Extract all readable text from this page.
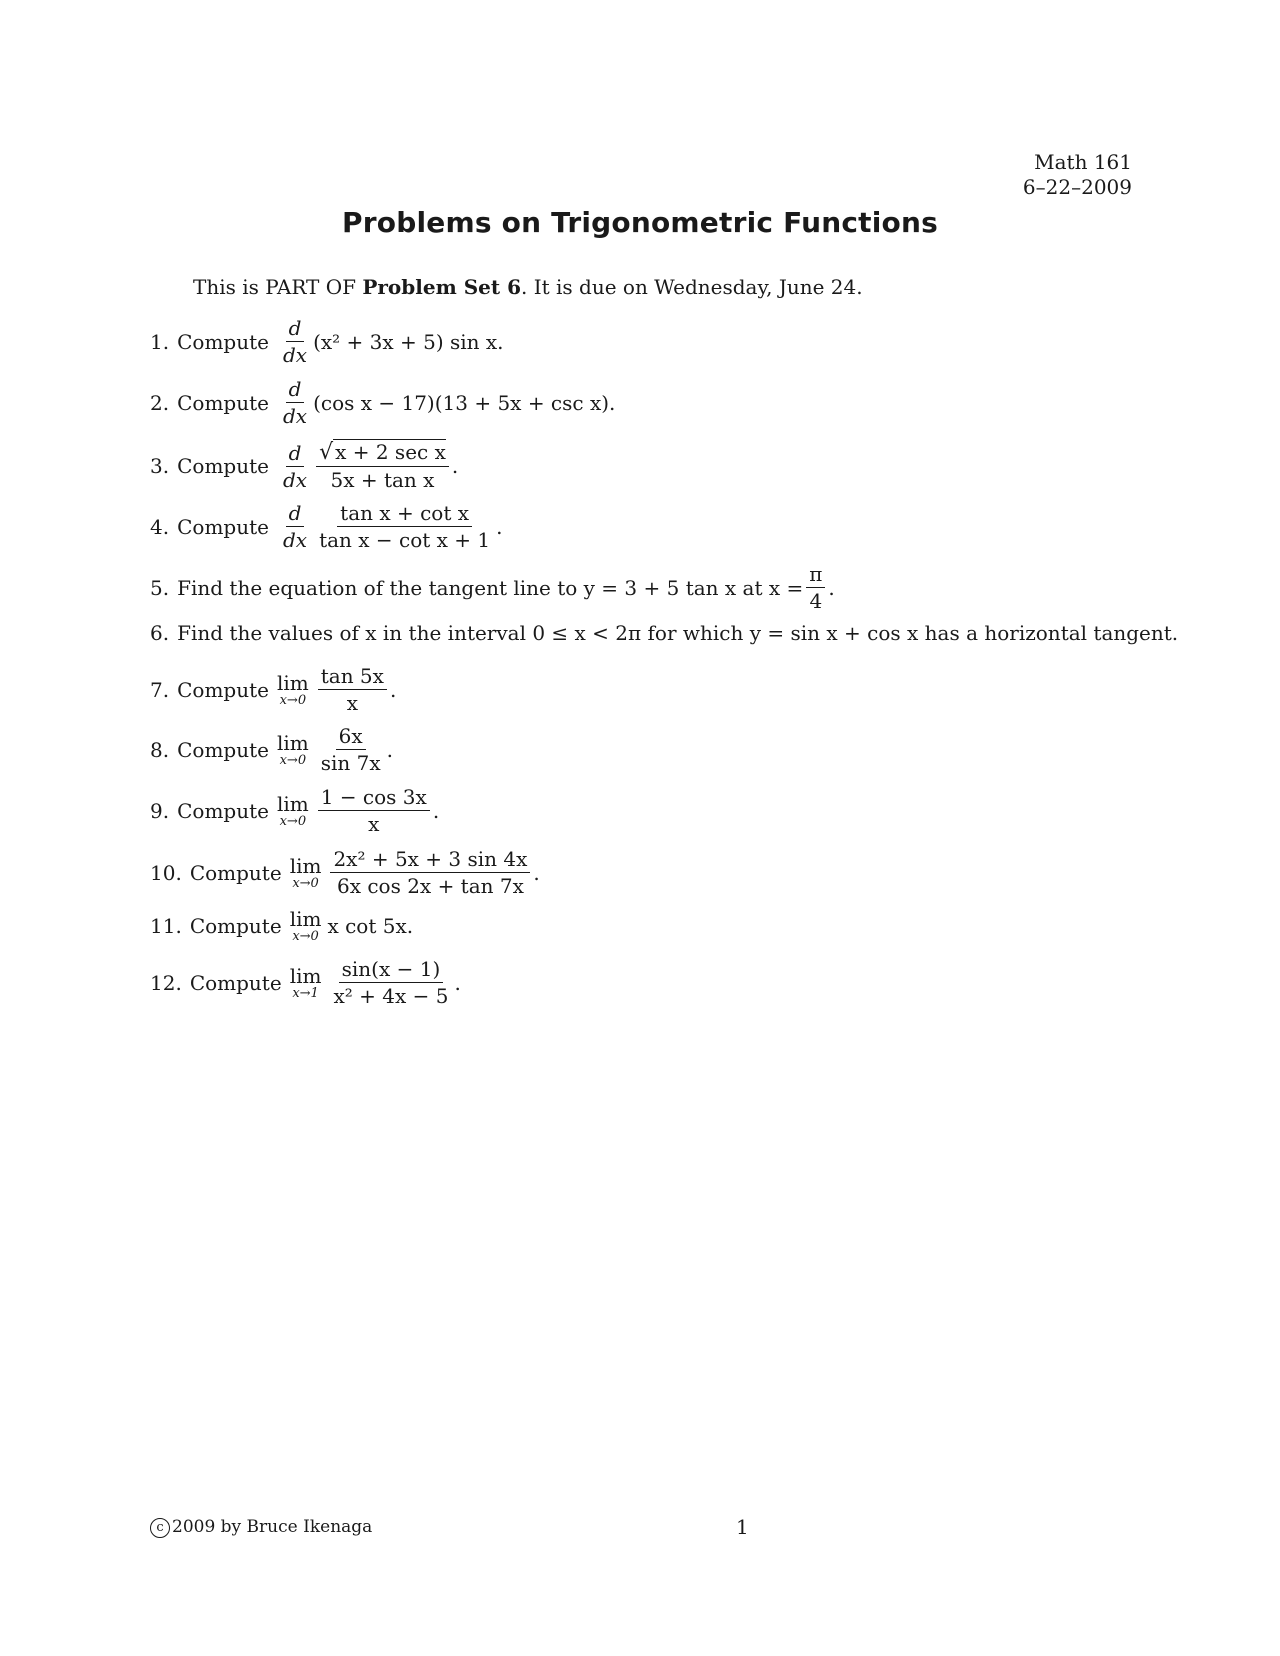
Math 161
6–22–2009
Problems on Trigonometric Functions
This is PART OF Problem Set 6. It is due on Wednesday, June 24.
1. Compute $\frac{d}{dx} (x^2 + 3x + 5)$ sin x.
2. Compute $\frac{d}{dx} (\cos$ x − 17)(13 + 5x + csc x).
3. Compute $\frac{d}{dx} \frac{\text{√ x + 2 sec x}}{\text{5x + tan x}}$ .
4. Compute $\frac{d}{dx} \frac{\text{tan x + cot x}}{\text{tan x − cot x + 1}}$ .
5. Find the equation of the tangent line to y = 3 + 5 tan x at $x = \frac{\pi}{4}$ .
6. Find the values of x in the interval 0 ≤ x < 2π for which y = sin x + cos x has a horizontal tangent.
7. Compute lim
$x\to 0 \frac{\tan 5x}{x}$ .
8. Compute lim
$x\to 0 \frac{6x}{\sin 7x}$ .
9. Compute lim
$x\to 0 \frac{1 - \cos 3x}{x}$ .
10. Compute lim
$x\to 0 \frac{\text{2x² + 5x + 3 sin 4x}}{\text{6x cos 2x + tan 7x}}$ .
11. Compute lim
x→0 x cot 5x.
12. Compute lim
$x\to 1 \frac{\sin(x - 1)}{\text{x² + 4x − 5}}$ .
c 2009 by Bruce Ikenaga	1
